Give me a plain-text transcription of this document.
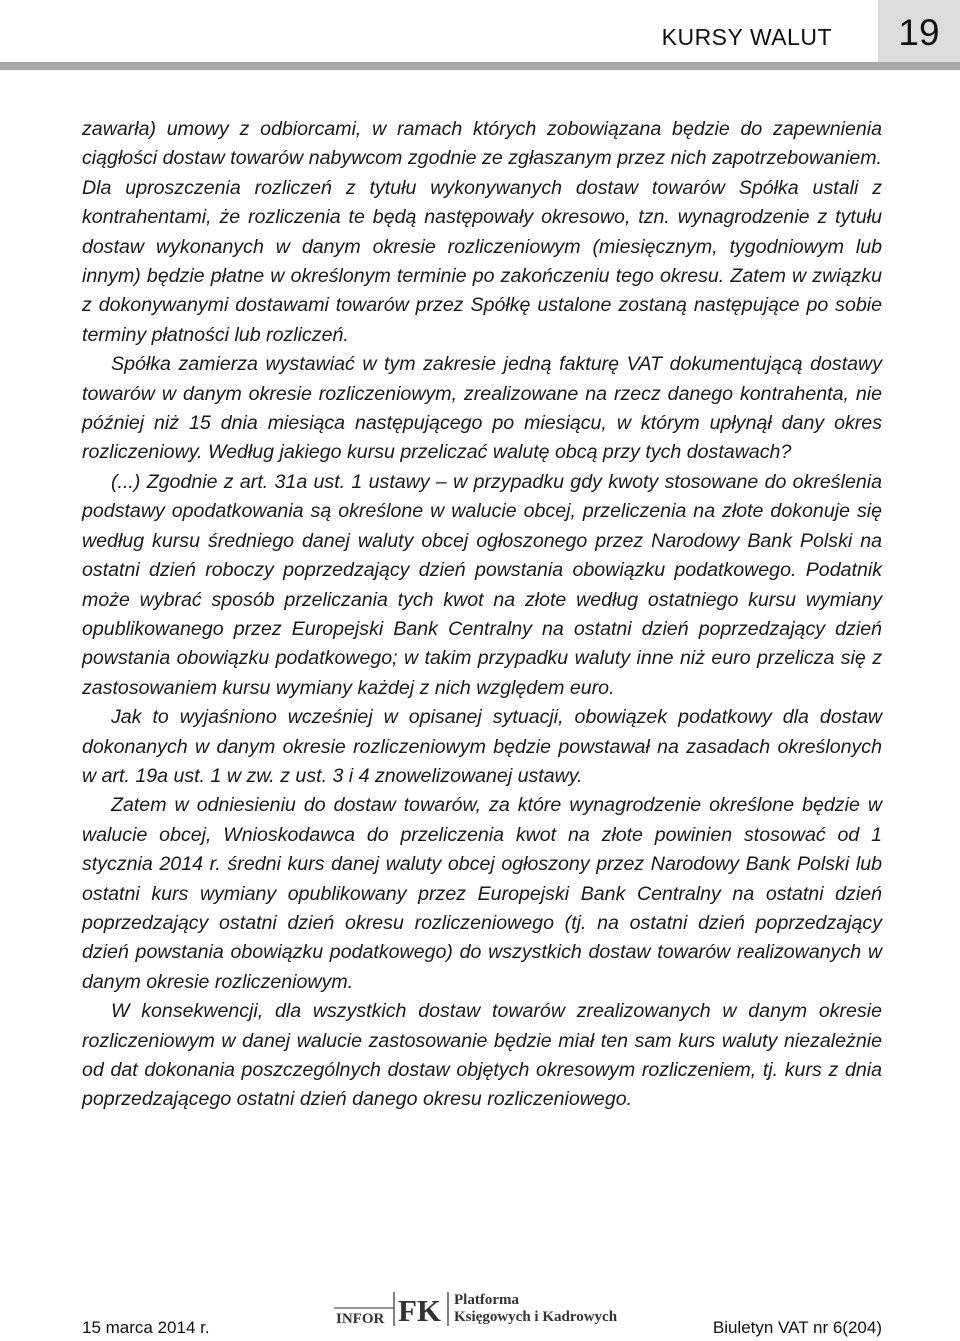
KURSY WALUT 19

zawarła) umowy z odbiorcami, w ramach których zobowiązana będzie do zapewnienia ciągłości dostaw towarów nabywcom zgodnie ze zgłaszanym przez nich zapotrzebowaniem. Dla uproszczenia rozliczeń z tytułu wykonywanych dostaw towarów Spółka ustali z kontrahentami, że rozliczenia te będą następowały okresowo, tzn. wynagrodzenie z tytułu dostaw wykonanych w danym okresie rozliczeniowym (miesięcznym, tygodniowym lub innym) będzie płatne w określonym terminie po zakończeniu tego okresu. Zatem w związku z dokonywanymi dostawami towarów przez Spółkę ustalone zostaną następujące po sobie terminy płatności lub rozliczeń.

Spółka zamierza wystawiać w tym zakresie jedną fakturę VAT dokumentującą dostawy towarów w danym okresie rozliczeniowym, zrealizowane na rzecz danego kontrahenta, nie później niż 15 dnia miesiąca następującego po miesiącu, w którym upłynął dany okres rozliczeniowy. Według jakiego kursu przeliczać walutę obcą przy tych dostawach?

(...) Zgodnie z art. 31a ust. 1 ustawy – w przypadku gdy kwoty stosowane do określenia podstawy opodatkowania są określone w walucie obcej, przeliczenia na złote dokonuje się według kursu średniego danej waluty obcej ogłoszonego przez Narodowy Bank Polski na ostatni dzień roboczy poprzedzający dzień powstania obowiązku podatkowego. Podatnik może wybrać sposób przeliczania tych kwot na złote według ostatniego kursu wymiany opublikowanego przez Europejski Bank Centralny na ostatni dzień poprzedzający dzień powstania obowiązku podatkowego; w takim przypadku waluty inne niż euro przelicza się z zastosowaniem kursu wymiany każdej z nich względem euro.

Jak to wyjaśniono wcześniej w opisanej sytuacji, obowiązek podatkowy dla dostaw dokonanych w danym okresie rozliczeniowym będzie powstawał na zasadach określonych w art. 19a ust. 1 w zw. z ust. 3 i 4 znowelizowanej ustawy.

Zatem w odniesieniu do dostaw towarów, za które wynagrodzenie określone będzie w walucie obcej, Wnioskodawca do przeliczenia kwot na złote powinien stosować od 1 stycznia 2014 r. średni kurs danej waluty obcej ogłoszony przez Narodowy Bank Polski lub ostatni kurs wymiany opublikowany przez Europejski Bank Centralny na ostatni dzień poprzedzający ostatni dzień okresu rozliczeniowego (tj. na ostatni dzień poprzedzający dzień powstania obowiązku podatkowego) do wszystkich dostaw towarów realizowanych w danym okresie rozliczeniowym.

W konsekwencji, dla wszystkich dostaw towarów zrealizowanych w danym okresie rozliczeniowym w danej walucie zastosowanie będzie miał ten sam kurs waluty niezależnie od dat dokonania poszczególnych dostaw objętych okresowym rozliczeniem, tj. kurs z dnia poprzedzającego ostatni dzień danego okresu rozliczeniowego.

INFOR FK Platforma
Księgowych i Kadrowych
15 marca 2014 r.	Biuletyn VAT nr 6(204)
